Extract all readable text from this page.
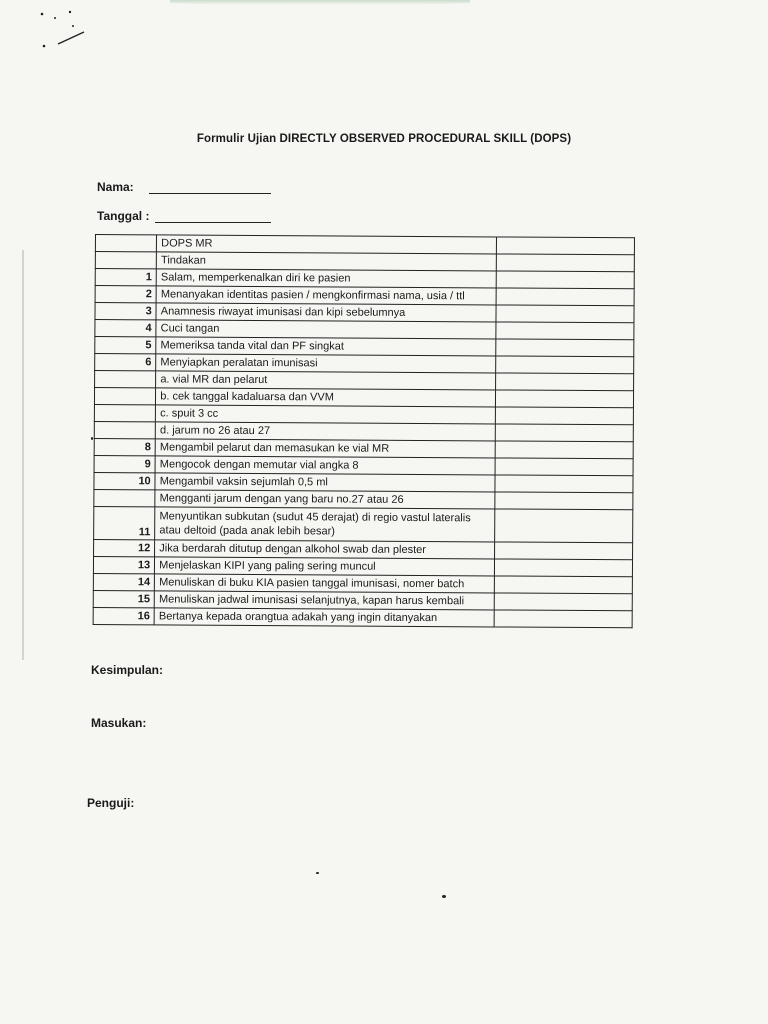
Formulir Ujian DIRECTLY OBSERVED PROCEDURAL SKILL (DOPS)
Nama:
Tanggal :
	DOPS MR	
	Tindakan	
1	Salam, memperkenalkan diri ke pasien	
2	Menanyakan identitas pasien / mengkonfirmasi nama, usia / ttl	
3	Anamnesis riwayat imunisasi dan kipi sebelumnya	
4	Cuci tangan	
5	Memeriksa tanda vital dan PF singkat	
6	Menyiapkan peralatan imunisasi	
	a. vial MR dan pelarut	
	b. cek tanggal kadaluarsa dan VVM	
	c. spuit 3 cc	
	d. jarum no 26 atau 27	
8	Mengambil pelarut dan memasukan ke vial MR	
9	Mengocok dengan memutar vial angka 8	
10	Mengambil vaksin sejumlah 0,5 ml	
	Mengganti jarum dengan yang baru no.27 atau 26	
11	Menyuntikan subkutan (sudut 45 derajat) di regio vastul lateralis atau deltoid (pada anak lebih besar)	
12	Jika berdarah ditutup dengan alkohol swab dan plester	
13	Menjelaskan KIPI yang paling sering muncul	
14	Menuliskan di buku KIA pasien tanggal imunisasi, nomer batch	
15	Menuliskan jadwal imunisasi selanjutnya, kapan harus kembali	
16	Bertanya kepada orangtua adakah yang ingin ditanyakan	
Kesimpulan:
Masukan:
Penguji:
